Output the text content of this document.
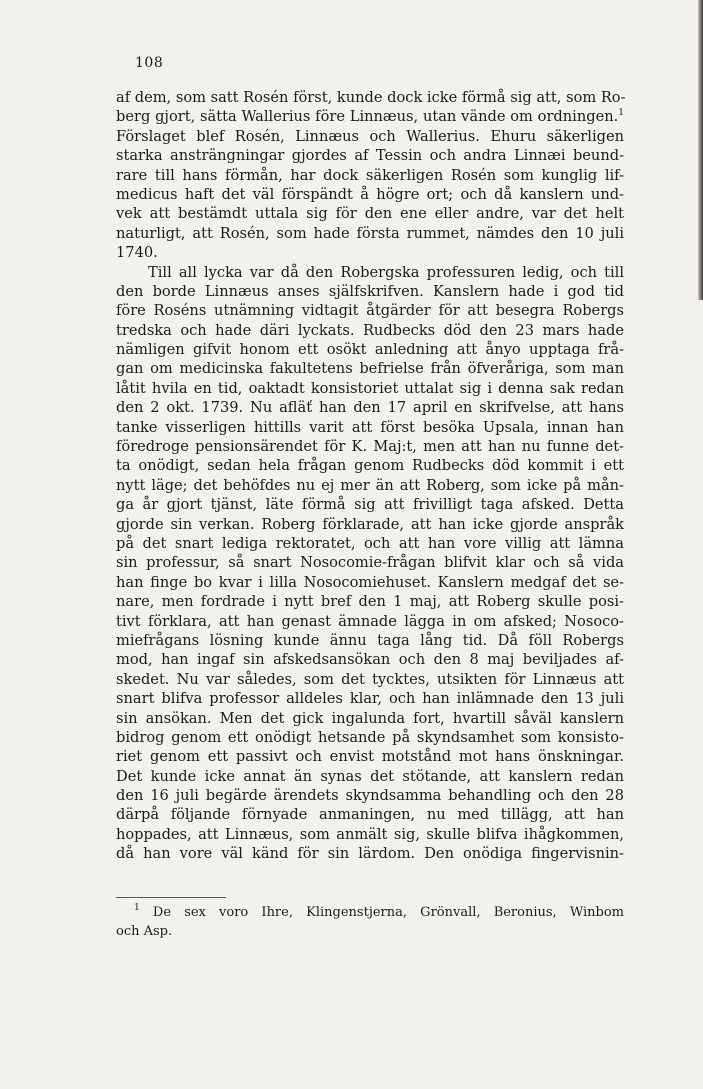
108
af dem, som satt Rosén först, kunde dock icke förmå sig att, som Ro-
berg gjort, sätta Wallerius före Linnæus, utan vände om ordningen.$^1$
Förslaget blef Rosén, Linnæus och Wallerius. Ehuru säkerligen
starka ansträngningar gjordes af Tessin och andra Linnæi beund-
rare till hans förmån, har dock säkerligen Rosén som kunglig lif-
medicus haft det väl förspändt å högre ort; och då kanslern und-
vek att bestämdt uttala sig för den ene eller andre, var det helt
naturligt, att Rosén, som hade första rummet, nämdes den 10 juli
1740.
Till all lycka var då den Robergska professuren ledig, och till
den borde Linnæus anses själfskrifven. Kanslern hade i god tid
före Roséns utnämning vidtagit åtgärder för att besegra Robergs
tredska och hade däri lyckats. Rudbecks död den 23 mars hade
nämligen gifvit honom ett osökt anledning att ånyo upptaga frå-
gan om medicinska fakultetens befrielse från öfveråriga, som man
låtit hvila en tid, oaktadt konsistoriet uttalat sig i denna sak redan
den 2 okt. 1739. Nu afläť han den 17 april en skrifvelse, att hans
tanke visserligen hittills varit att först besöka Upsala, innan han
föredroge pensionsärendet för K. Maj:t, men att han nu funne det-
ta onödigt, sedan hela frågan genom Rudbecks död kommit i ett
nytt läge; det behöfdes nu ej mer än att Roberg, som icke på mån-
ga år gjort tjänst, läte förmå sig att frivilligt taga afsked. Detta
gjorde sin verkan. Roberg förklarade, att han icke gjorde anspråk
på det snart lediga rektoratet, och att han vore villig att lämna
sin professur, så snart Nosocomie-frågan blifvit klar och så vida
han finge bo kvar i lilla Nosocomiehuset. Kanslern medgaf det se-
nare, men fordrade i nytt bref den 1 maj, att Roberg skulle posi-
tivt förklara, att han genast ämnade lägga in om afsked; Nosoco-
miefrågans lösning kunde ännu taga lång tid. Då föll Robergs
mod, han ingaf sin afskedsansökan och den 8 maj beviljades af-
skedet. Nu var således, som det tycktes, utsikten för Linnæus att
snart blifva professor alldeles klar, och han inlämnade den 13 juli
sin ansökan. Men det gick ingalunda fort, hvartill såväl kanslern
bidrog genom ett onödigt hetsande på skyndsamhet som konsisto-
riet genom ett passivt och envist motstånd mot hans önskningar.
Det kunde icke annat än synas det stötande, att kanslern redan
den 16 juli begärde ärendets skyndsamma behandling och den 28
därpå följande förnyade anmaningen, nu med tillägg, att han
hoppades, att Linnæus, som anmält sig, skulle blifva ihågkommen,
då han vore väl känd för sin lärdom. Den onödiga fingervisnin-
$^1$ De sex voro Ihre, Klingenstjerna, Grönvall, Beronius, Winbom
och Asp.
